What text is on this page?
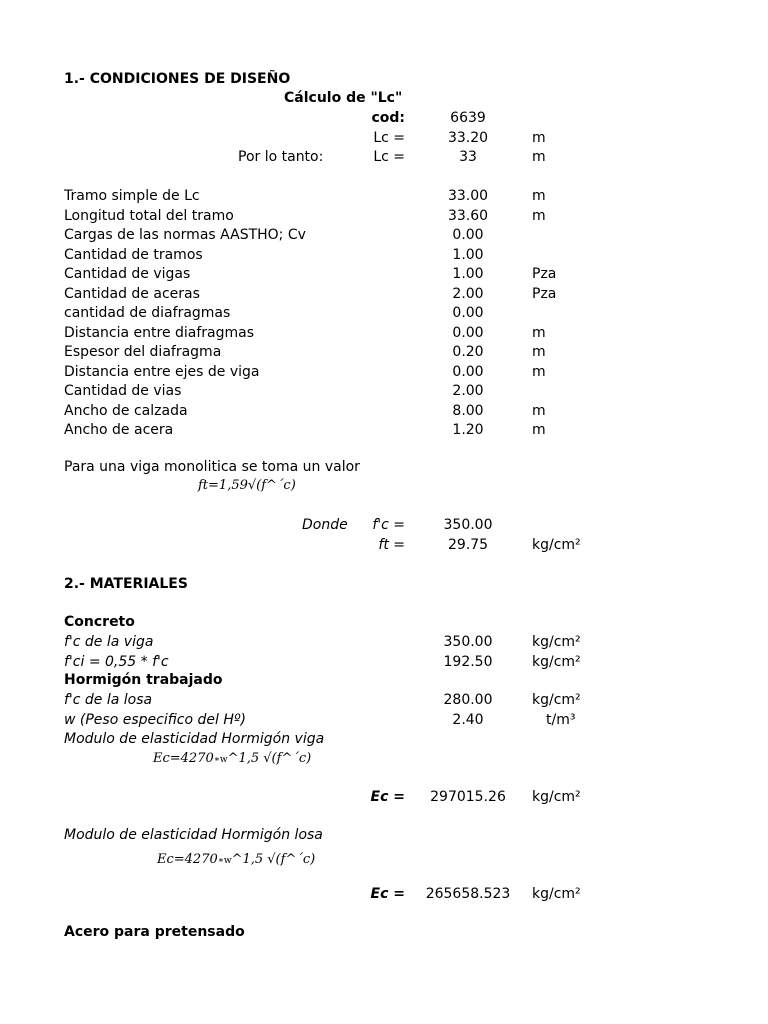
1.- CONDICIONES DE DISEÑO
Cálculo de "Lc"
cod:	6639
Lc =	33.20	m
Por lo tanto:	Lc =	33	m
Tramo simple de Lc	33.00	m
Longitud total del tramo	33.60	m
Cargas de las normas AASTHO; Cv	0.00
Cantidad de tramos	1.00
Cantidad de vigas	1.00	Pza
Cantidad de aceras	2.00	Pza
cantidad de diafragmas	0.00
Distancia entre diafragmas	0.00	m
Espesor del diafragma	0.20	m
Distancia entre ejes de viga	0.00	m
Cantidad de vias	2.00
Ancho de calzada	8.00	m
Ancho de acera	1.20	m
Para una viga monolitica se toma un valor
ft=1,59√(f^´c)
Donde	f'c =	350.00
ft =	29.75	kg/cm²
2.- MATERIALES
Concreto
f'c de la viga	350.00	kg/cm²
f'ci = 0,55 * f'c	192.50	kg/cm²
Hormigón trabajado
f'c de la losa	280.00	kg/cm²
w (Peso especifico del Hº)	2.40	t/m³
Modulo de elasticidad Hormigón viga
Ec=4270∗w^1,5 √(f^´c)
Ec =	297015.26	kg/cm²
Modulo de elasticidad Hormigón losa
Ec=4270∗w^1,5 √(f^´c)
Ec =	265658.523	kg/cm²
Acero para pretensado
